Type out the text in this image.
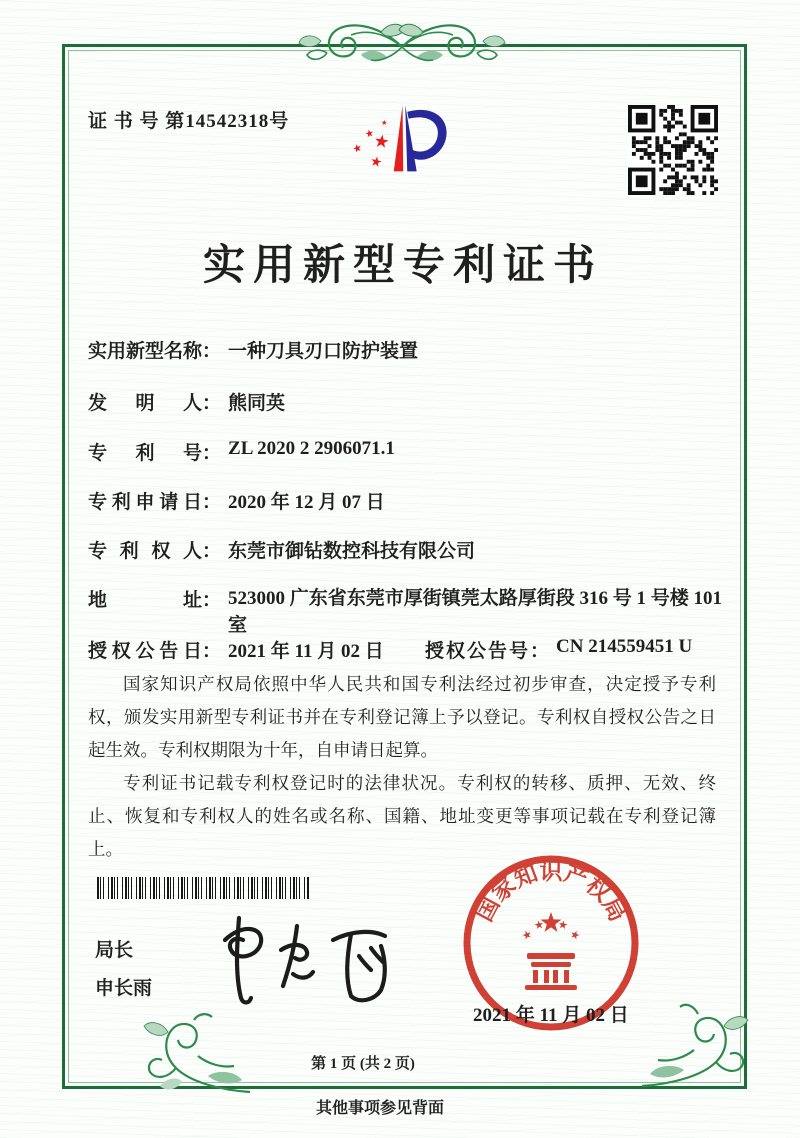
证 书 号 第14542318号
实用新型专利证书
实用新型名称 ： 一种刀具刃口防护装置
发明人 ： 熊同英
专利号 ： ZL 2020 2 2906071.1
专利申请日 ： 2020 年 12 月 07 日
专利权人 ： 东莞市御钻数控科技有限公司
地址 ： 523000 广东省东莞市厚街镇莞太路厚街段 316 号 1 号楼 101 室
授权公告日 ： 2021 年 11 月 02 日 授权公告号 ： CN 214559451 U

国家知识产权局依照中华人民共和国专利法经过初步审查，决定授予专利权，颁发实用新型专利证书并在专利登记簿上予以登记。专利权自授权公告之日起生效。专利权期限为十年，自申请日起算。

专利证书记载专利权登记时的法律状况。专利权的转移、质押、无效、终止、恢复和专利权人的姓名或名称、国籍、地址变更等事项记载在专利登记簿上。

局长
申长雨
国家知识产权局
2021 年 11 月 02 日
第 1 页 (共 2 页)
其他事项参见背面
